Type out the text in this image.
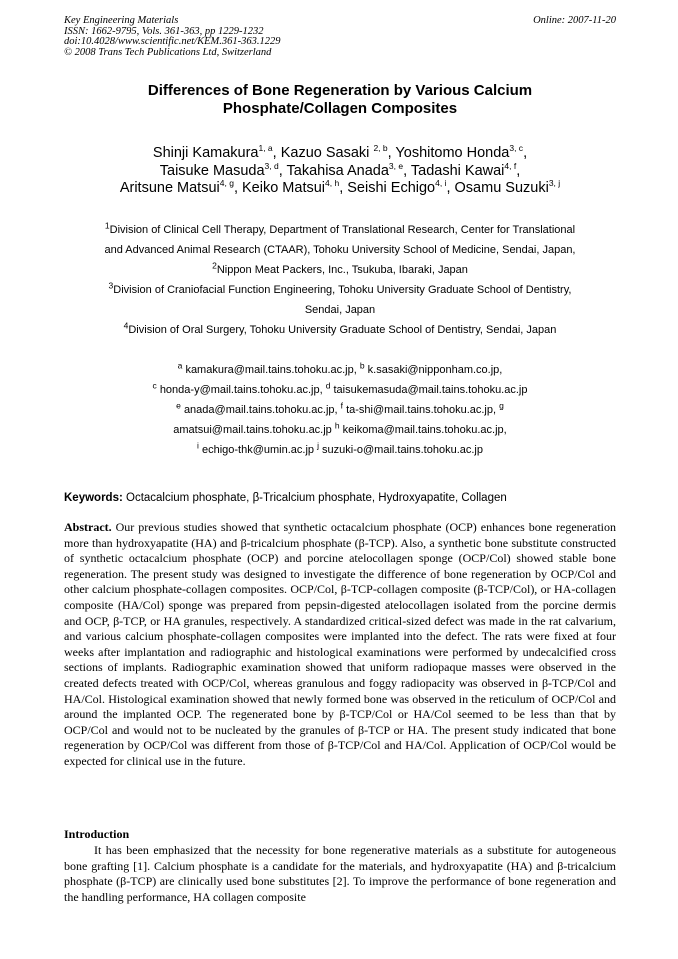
Key Engineering Materials
ISSN: 1662-9795, Vols. 361-363, pp 1229-1232
doi:10.4028/www.scientific.net/KEM.361-363.1229
© 2008 Trans Tech Publications Ltd, Switzerland
Online: 2007-11-20
Differences of Bone Regeneration by Various Calcium
Phosphate/Collagen Composites
Shinji Kamakura$^{1, a}$, Kazuo Sasaki $^{2, b}$, Yoshitomo Honda$^{3, c}$,
Taisuke Masuda$^{3, d}$, Takahisa Anada$^{3, e}$, Tadashi Kawai$^{4, f}$,
Aritsune Matsui$^{4, g}$, Keiko Matsui$^{4, h}$, Seishi Echigo$^{4, i}$, Osamu Suzuki$^{3, j}$
$^1$Division of Clinical Cell Therapy, Department of Translational Research, Center for Translational
and Advanced Animal Research (CTAAR), Tohoku University School of Medicine, Sendai, Japan,
$^2$Nippon Meat Packers, Inc., Tsukuba, Ibaraki, Japan
$^3$Division of Craniofacial Function Engineering, Tohoku University Graduate School of Dentistry,
Sendai, Japan
$^4$Division of Oral Surgery, Tohoku University Graduate School of Dentistry, Sendai, Japan
$^a$ kamakura@mail.tains.tohoku.ac.jp, $^b$ k.sasaki@nipponham.co.jp,
$^c$ honda-y@mail.tains.tohoku.ac.jp, $^d$ taisukemasuda@mail.tains.tohoku.ac.jp
$^e$ anada@mail.tains.tohoku.ac.jp, $^f$ ta-shi@mail.tains.tohoku.ac.jp, $^g$
amatsui@mail.tains.tohoku.ac.jp $^h$ keikoma@mail.tains.tohoku.ac.jp,
$^i$ echigo-thk@umin.ac.jp $^j$ suzuki-o@mail.tains.tohoku.ac.jp
Keywords: Octacalcium phosphate, β-Tricalcium phosphate, Hydroxyapatite, Collagen
Abstract. Our previous studies showed that synthetic octacalcium phosphate (OCP) enhances bone regeneration more than hydroxyapatite (HA) and β-tricalcium phosphate (β-TCP). Also, a synthetic bone substitute constructed of synthetic octacalcium phosphate (OCP) and porcine atelocollagen sponge (OCP/Col) showed stable bone regeneration. The present study was designed to investigate the difference of bone regeneration by OCP/Col and other calcium phosphate-collagen composites. OCP/Col, β-TCP-collagen composite (β-TCP/Col), or HA-collagen composite (HA/Col) sponge was prepared from pepsin-digested atelocollagen isolated from the porcine dermis and OCP, β-TCP, or HA granules, respectively. A standardized critical-sized defect was made in the rat calvarium, and various calcium phosphate-collagen composites were implanted into the defect. The rats were fixed at four weeks after implantation and radiographic and histological examinations were performed by undecalcified cross sections of implants. Radiographic examination showed that uniform radiopaque masses were observed in the created defects treated with OCP/Col, whereas granulous and foggy radiopacity was observed in β-TCP/Col and HA/Col. Histological examination showed that newly formed bone was observed in the reticulum of OCP/Col and around the implanted OCP. The regenerated bone by β-TCP/Col or HA/Col seemed to be less than that by OCP/Col and would not to be nucleated by the granules of β-TCP or HA. The present study indicated that bone regeneration by OCP/Col was different from those of β-TCP/Col and HA/Col. Application of OCP/Col would be expected for clinical use in the future.
Introduction
It has been emphasized that the necessity for bone regenerative materials as a substitute for autogeneous bone grafting [1]. Calcium phosphate is a candidate for the materials, and hydroxyapatite (HA) and β-tricalcium phosphate (β-TCP) are clinically used bone substitutes [2]. To improve the performance of bone regeneration and the handling performance, HA collagen composite
